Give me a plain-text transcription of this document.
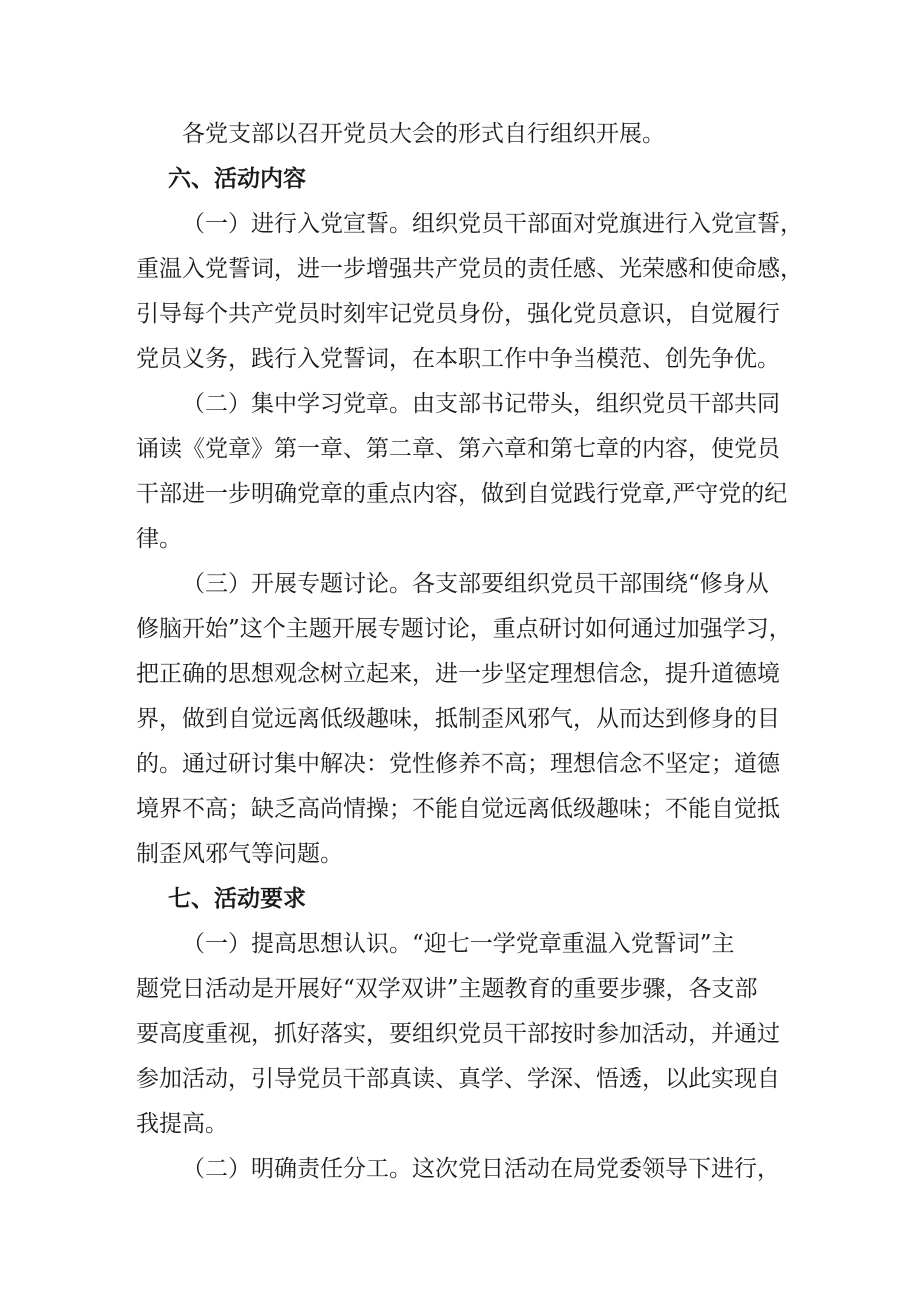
各党支部以召开党员大会的形式自行组织开展。

六、活动内容

（一）进行入党宣誓。组织党员干部面对党旗进行入党宣誓，

重温入党誓词，进一步增强共产党员的责任感、光荣感和使命感，

引导每个共产党员时刻牢记党员身份，强化党员意识，自觉履行

党员义务，践行入党誓词，在本职工作中争当模范、创先争优。

（二）集中学习党章。由支部书记带头，组织党员干部共同

诵读《党章》第一章、第二章、第六章和第七章的内容，使党员

干部进一步明确党章的重点内容，做到自觉践行党章,严守党的纪

律。

（三）开展专题讨论。各支部要组织党员干部围绕“修身从

修脑开始”这个主题开展专题讨论，重点研讨如何通过加强学习，

把正确的思想观念树立起来，进一步坚定理想信念，提升道德境

界，做到自觉远离低级趣味，抵制歪风邪气，从而达到修身的目

的。通过研讨集中解决：党性修养不高；理想信念不坚定；道德

境界不高；缺乏高尚情操；不能自觉远离低级趣味；不能自觉抵

制歪风邪气等问题。

七、活动要求

（一）提高思想认识。“迎七一学党章重温入党誓词”主

题党日活动是开展好“双学双讲”主题教育的重要步骤，各支部

要高度重视，抓好落实，要组织党员干部按时参加活动，并通过

参加活动，引导党员干部真读、真学、学深、悟透，以此实现自

我提高。

（二）明确责任分工。这次党日活动在局党委领导下进行，
